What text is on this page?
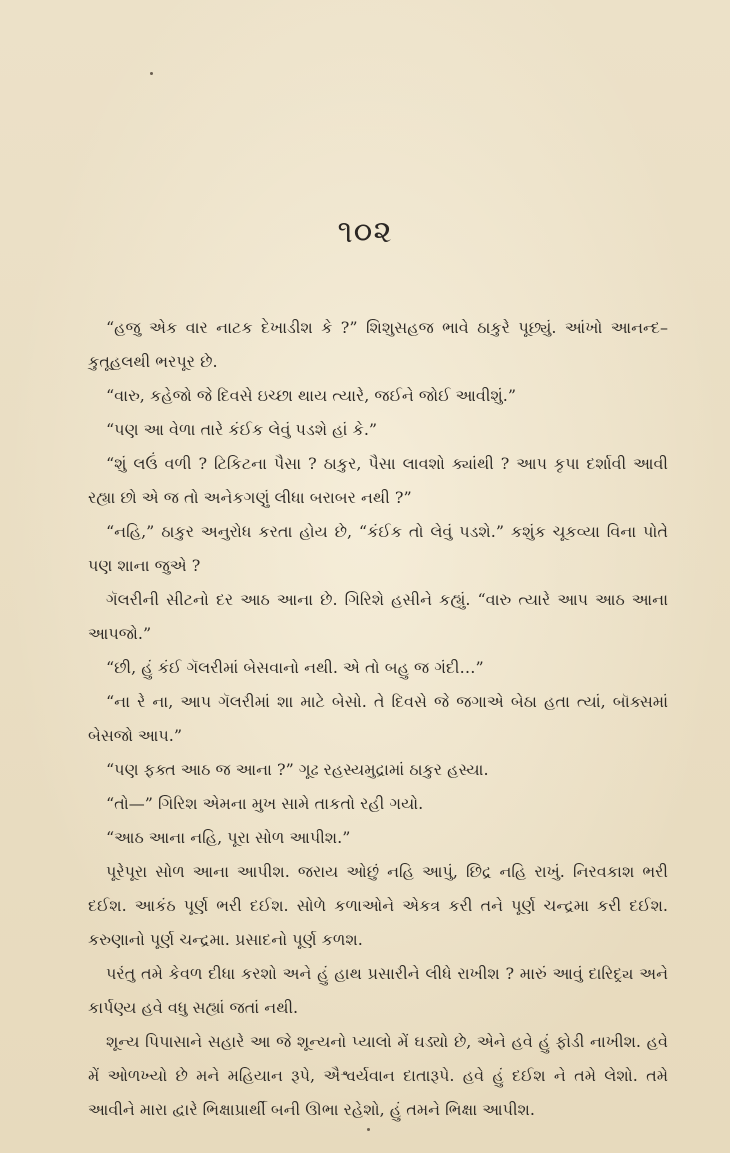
૧૦૨

“હજુ એક વાર નાટક દેખાડીશ કે ?” શિશુસહજ ભાવે ઠાકુરે પૂછ્યું. આંખો આનન્દ–કુતૂહલથી ભરપૂર છે.

“વારુ, કહેજો જે દિવસે ઇચ્છા થાય ત્યારે, જઈને જોઈ આવીશું.”

“પણ આ વેળા તારે કંઈક લેવું પડશે હાં કે.”

“શું લઉં વળી ? ટિકિટના પૈસા ? ઠાકુર, પૈસા લાવશો ક્યાંથી ? આપ કૃપા દર્શાવી આવી રહ્યા છો એ જ તો અનેકગણું લીધા બરાબર નથી ?”

“નહિ,” ઠાકુર અનુરોધ કરતા હોય છે, “કંઈક તો લેવું પડશે.” કશુંક ચૂકવ્યા વિના પોતે પણ શાના જુએ ?

ગૅલરીની સીટનો દર આઠ આના છે. ગિરિશે હસીને કહ્યું. “વારુ ત્યારે આપ આઠ આના આપજો.”

“છી, હું કંઈ ગૅલરીમાં બેસવાનો નથી. એ તો બહુ જ ગંદી…”

“ના રે ના, આપ ગૅલરીમાં શા માટે બેસો. તે દિવસે જે જગાએ બેઠા હતા ત્યાં, બૉક્સમાં બેસજો આપ.”

“પણ ફક્ત આઠ જ આના ?” ગૂઢ રહસ્યમુદ્રામાં ઠાકુર હસ્યા.

“તો—” ગિરિશ એમના મુખ સામે તાકતો રહી ગયો.

“આઠ આના નહિ, પૂરા સોળ આપીશ.”

પૂરેપૂરા સોળ આના આપીશ. જરાય ઓછું નહિ આપું, છિદ્ર નહિ રાખું. નિરવકાશ ભરી દઈશ. આકંઠ પૂર્ણ ભરી દઈશ. સોળે કળાઓને એકત્ર કરી તને પૂર્ણ ચન્દ્રમા કરી દઈશ. કરુણાનો પૂર્ણ ચન્દ્રમા. પ્રસાદનો પૂર્ણ કળશ.

પરંતુ તમે કેવળ દીધા કરશો અને હું હાથ પ્રસારીને લીધે રાખીશ ? મારું આવું દારિદ્ર્ય અને કાર્પણ્ય હવે વધુ સહ્યાં જતાં નથી.

શૂન્ય પિપાસાને સહારે આ જે શૂન્યનો પ્યાલો મેં ઘડ્યો છે, એને હવે હું ફોડી નાખીશ. હવે મેં ઓળખ્યો છે મને મહિયાન રૂપે, ઐશ્વર્યવાન દાતારૂપે. હવે હું દઈશ ને તમે લેશો. તમે આવીને મારા દ્વારે ભિક્ષાપ્રાર્થી બની ઊભા રહેશો, હું તમને ભિક્ષા આપીશ.
